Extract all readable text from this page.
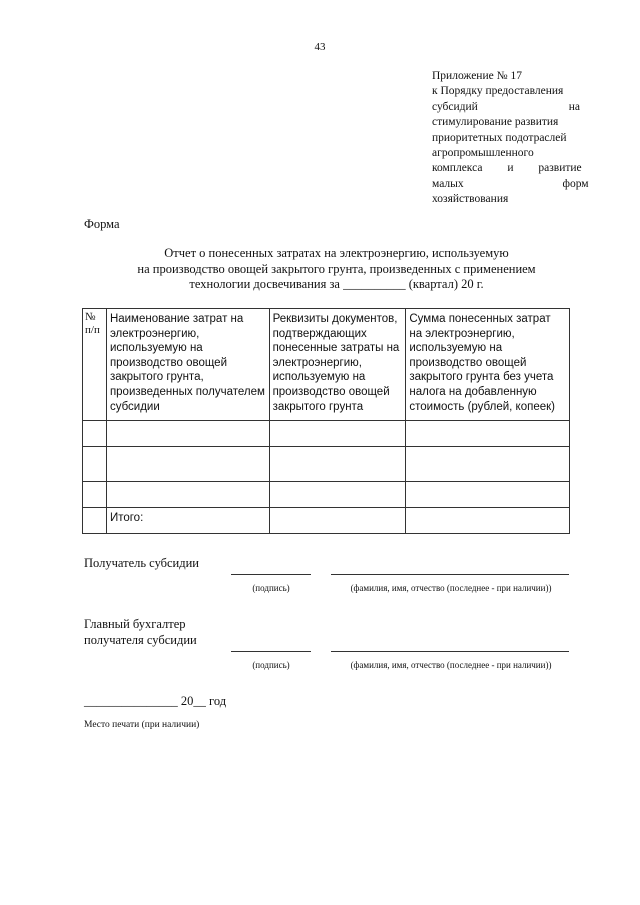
43
Приложение № 17
к Порядку предоставления
субсидий на
стимулирование развития
приоритетных подотраслей
агропромышленного
комплекса и развитие
малых форм
хозяйствования
Форма
Отчет о понесенных затратах на электроэнергию, используемую
на производство овощей закрытого грунта, произведенных с применением
технологии досвечивания за __________ (квартал) 20 г.
№ п/п	Наименование затрат на электроэнергию, используемую на производство овощей закрытого грунта, произведенных получателем субсидии	Реквизиты документов, подтверждающих понесенные затраты на электроэнергию, используемую на производство овощей закрытого грунта	Сумма понесенных затрат на электроэнергию, используемую на производство овощей закрытого грунта без учета налога на добавленную стоимость (рублей, копеек)

	Итого:		
Получатель субсидии
(подпись)	(фамилия, имя, отчество (последнее - при наличии))
Главный бухгалтер получателя субсидии
(подпись)	(фамилия, имя, отчество (последнее - при наличии))
_______________ 20__ год
Место печати (при наличии)
